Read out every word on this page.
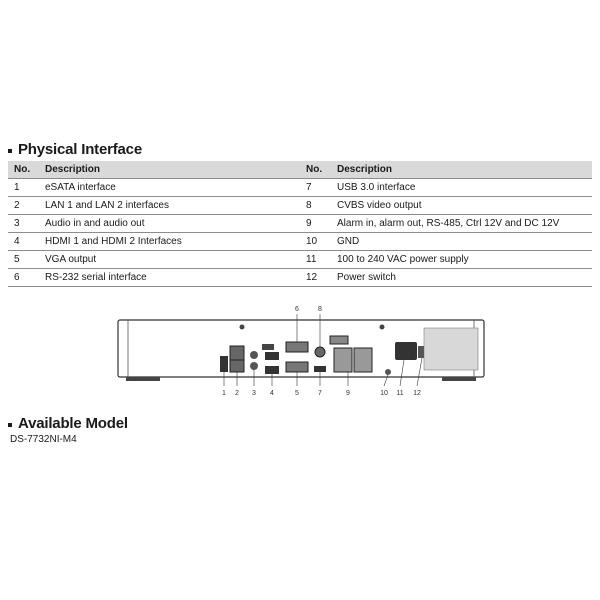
Physical Interface
No.	Description	No.	Description
1	eSATA interface	7	USB 3.0 interface
2	LAN 1 and LAN 2 interfaces	8	CVBS video output
3	Audio in and audio out	9	Alarm in, alarm out, RS-485, Ctrl 12V and DC 12V
4	HDMI 1 and HDMI 2 Interfaces	10	GND
5	VGA output	11	100 to 240 VAC power supply
6	RS-232 serial interface	12	Power switch
1 2 3 4	5	7	9	10 11 12
6	8
Available Model
DS-7732NI-M4
